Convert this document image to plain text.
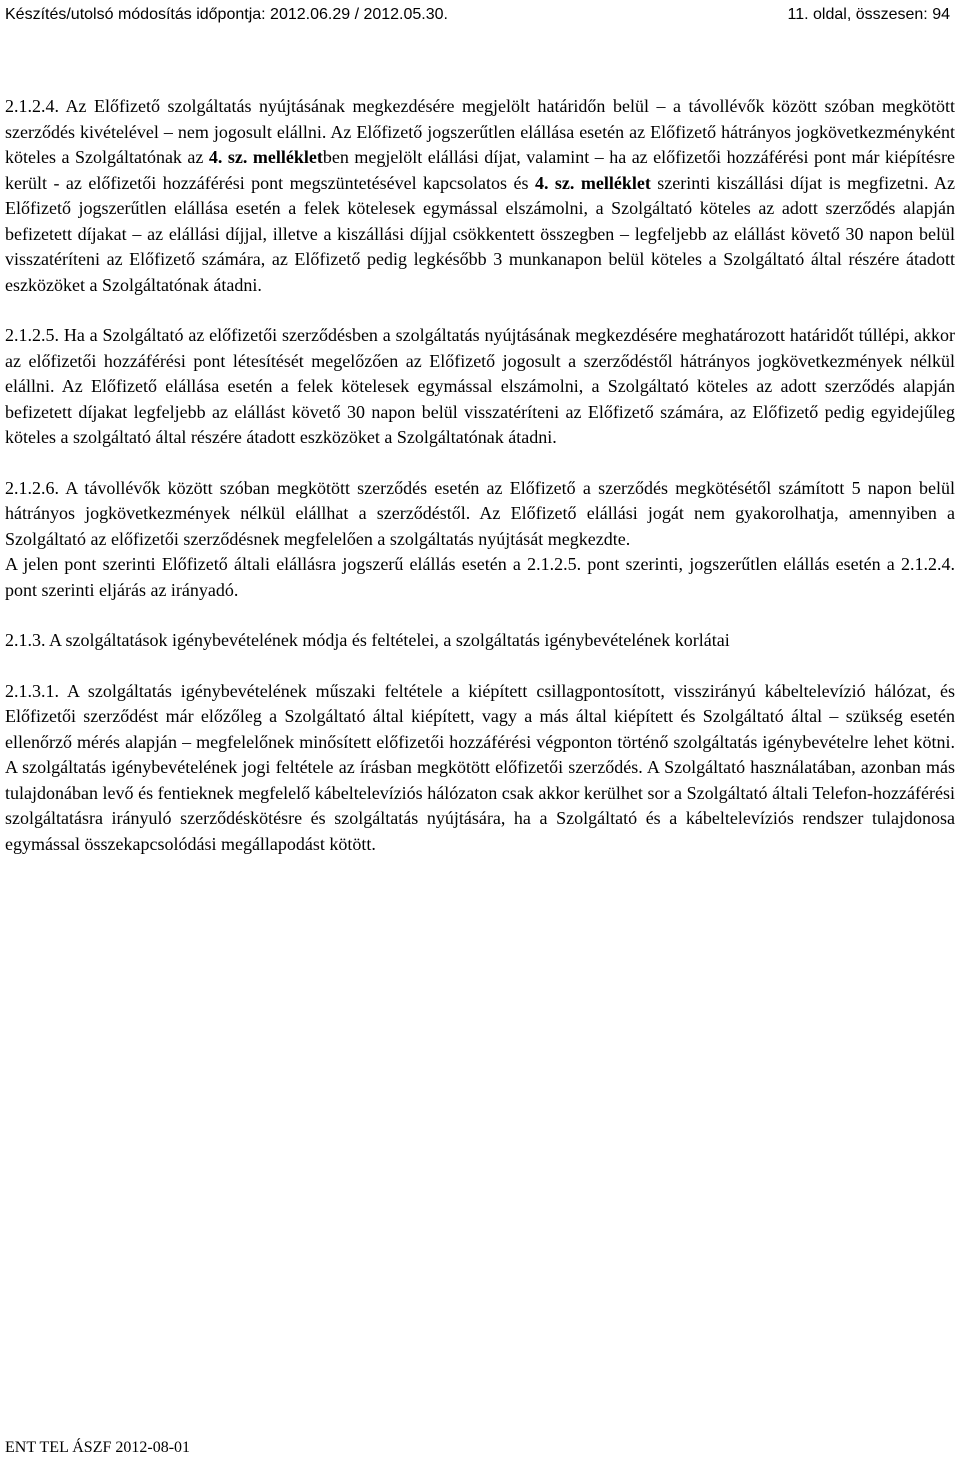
Készítés/utolsó módosítás időpontja: 2012.06.29 / 2012.05.30.	11. oldal, összesen: 94

2.1.2.4. Az Előfizető szolgáltatás nyújtásának megkezdésére megjelölt határidőn belül – a távollévők között szóban megkötött szerződés kivételével – nem jogosult elállni. Az Előfizető jogszerűtlen elállása esetén az Előfizető hátrányos jogkövetkezményként köteles a Szolgáltatónak az 4. sz. mellékletben megjelölt elállási díjat, valamint – ha az előfizetői hozzáférési pont már kiépítésre került - az előfizetői hozzáférési pont megszüntetésével kapcsolatos és 4. sz. melléklet szerinti kiszállási díjat is megfizetni. Az Előfizető jogszerűtlen elállása esetén a felek kötelesek egymással elszámolni, a Szolgáltató köteles az adott szerződés alapján befizetett díjakat – az elállási díjjal, illetve a kiszállási díjjal csökkentett összegben – legfeljebb az elállást követő 30 napon belül visszatéríteni az Előfizető számára, az Előfizető pedig legkésőbb 3 munkanapon belül köteles a Szolgáltató által részére átadott eszközöket a Szolgáltatónak átadni.

2.1.2.5. Ha a Szolgáltató az előfizetői szerződésben a szolgáltatás nyújtásának megkezdésére meghatározott határidőt túllépi, akkor az előfizetői hozzáférési pont létesítését megelőzően az Előfizető jogosult a szerződéstől hátrányos jogkövetkezmények nélkül elállni. Az Előfizető elállása esetén a felek kötelesek egymással elszámolni, a Szolgáltató köteles az adott szerződés alapján befizetett díjakat legfeljebb az elállást követő 30 napon belül visszatéríteni az Előfizető számára, az Előfizető pedig egyidejűleg köteles a szolgáltató által részére átadott eszközöket a Szolgáltatónak átadni.

2.1.2.6. A távollévők között szóban megkötött szerződés esetén az Előfizető a szerződés megkötésétől számított 5 napon belül hátrányos jogkövetkezmények nélkül elállhat a szerződéstől. Az Előfizető elállási jogát nem gyakorolhatja, amennyiben a Szolgáltató az előfizetői szerződésnek megfelelően a szolgáltatás nyújtását megkezdte.

A jelen pont szerinti Előfizető általi elállásra jogszerű elállás esetén a 2.1.2.5. pont szerinti, jogszerűtlen elállás esetén a 2.1.2.4. pont szerinti eljárás az irányadó.

2.1.3. A szolgáltatások igénybevételének módja és feltételei, a szolgáltatás igénybevételének korlátai

2.1.3.1. A szolgáltatás igénybevételének műszaki feltétele a kiépített csillagpontosított, visszirányú kábeltelevízió hálózat, és Előfizetői szerződést már előzőleg a Szolgáltató által kiépített, vagy a más által kiépített és Szolgáltató által – szükség esetén ellenőrző mérés alapján – megfelelőnek minősített előfizetői hozzáférési végponton történő szolgáltatás igénybevételre lehet kötni. A szolgáltatás igénybevételének jogi feltétele az írásban megkötött előfizetői szerződés. A Szolgáltató használatában, azonban más tulajdonában levő és fentieknek megfelelő kábeltelevíziós hálózaton csak akkor kerülhet sor a Szolgáltató általi Telefon-hozzáférési szolgáltatásra irányuló szerződéskötésre és szolgáltatás nyújtására, ha a Szolgáltató és a kábeltelevíziós rendszer tulajdonosa egymással összekapcsolódási megállapodást kötött.

ENT TEL ÁSZF 2012-08-01
